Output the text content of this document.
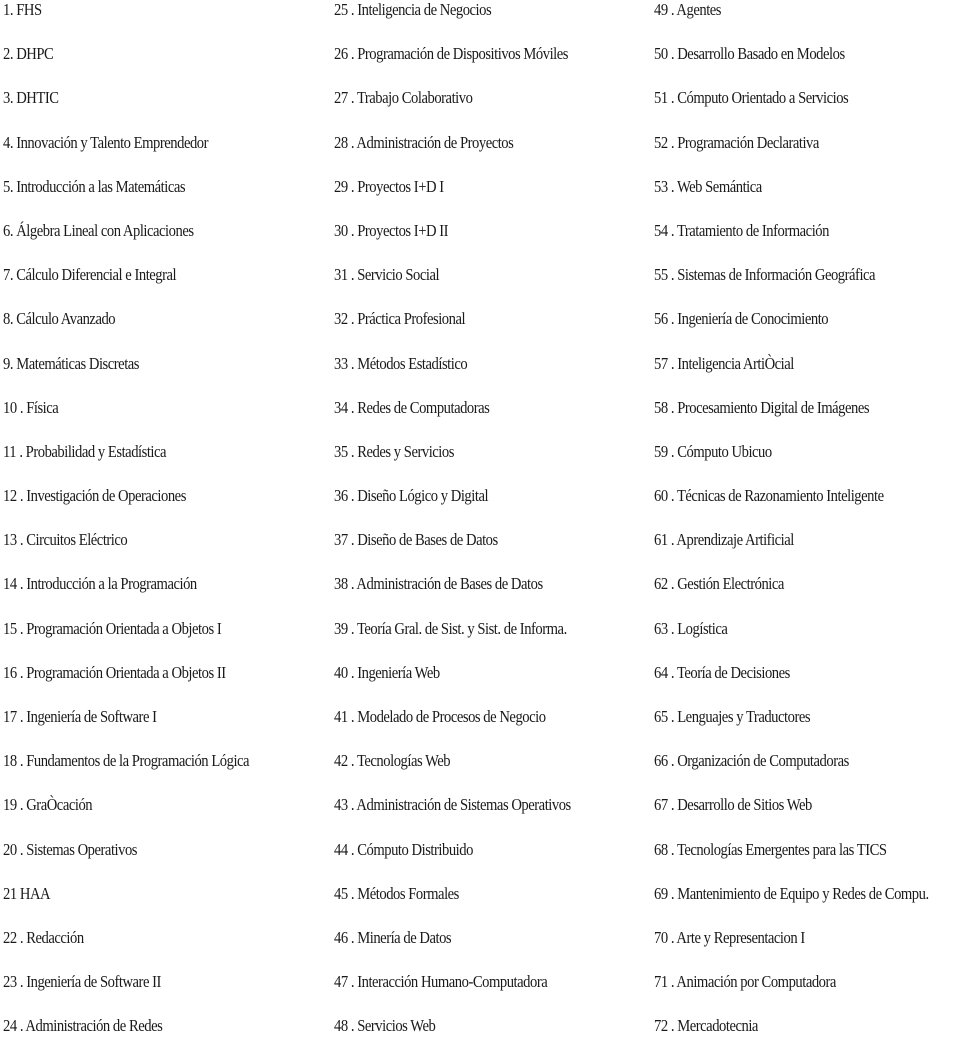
1. FHS
2. DHPC
3. DHTIC
4. Innovación y Talento Emprendedor
5. Introducción a las Matemáticas
6. Álgebra Lineal con Aplicaciones
7. Cálculo Diferencial e Integral
8. Cálculo Avanzado
9. Matemáticas Discretas
10 . Física
11 . Probabilidad y Estadística
12 . Investigación de Operaciones
13 . Circuitos Eléctrico
14 . Introducción a la Programación
15 . Programación Orientada a Objetos I
16 . Programación Orientada a Objetos II
17 . Ingeniería de Software I
18 . Fundamentos de la Programación Lógica
19 . GraÒcación
20 . Sistemas Operativos
21 HAA
22 . Redacción
23 . Ingeniería de Software II
24 . Administración de Redes
25 . Inteligencia de Negocios
26 . Programación de Dispositivos Móviles
27 . Trabajo Colaborativo
28 . Administración de Proyectos
29 . Proyectos I+D I
30 . Proyectos I+D II
31 . Servicio Social
32 . Práctica Profesional
33 . Métodos Estadístico
34 . Redes de Computadoras
35 . Redes y Servicios
36 . Diseño Lógico y Digital
37 . Diseño de Bases de Datos
38 . Administración de Bases de Datos
39 . Teoría Gral. de Sist. y Sist. de Informa.
40 . Ingeniería Web
41 . Modelado de Procesos de Negocio
42 . Tecnologías Web
43 . Administración de Sistemas Operativos
44 . Cómputo Distribuido
45 . Métodos Formales
46 . Minería de Datos
47 . Interacción Humano-Computadora
48 . Servicios Web
49 . Agentes
50 . Desarrollo Basado en Modelos
51 . Cómputo Orientado a Servicios
52 . Programación Declarativa
53 . Web Semántica
54 . Tratamiento de Información
55 . Sistemas de Información Geográfica
56 . Ingeniería de Conocimiento
57 . Inteligencia ArtiÒcial
58 . Procesamiento Digital de Imágenes
59 . Cómputo Ubicuo
60 . Técnicas de Razonamiento Inteligente
61 . Aprendizaje Artificial
62 . Gestión Electrónica
63 . Logística
64 . Teoría de Decisiones
65 . Lenguajes y Traductores
66 . Organización de Computadoras
67 . Desarrollo de Sitios Web
68 . Tecnologías Emergentes para las TICS
69 . Mantenimiento de Equipo y Redes de Compu.
70 . Arte y Representacion I
71 . Animación por Computadora
72 . Mercadotecnia
